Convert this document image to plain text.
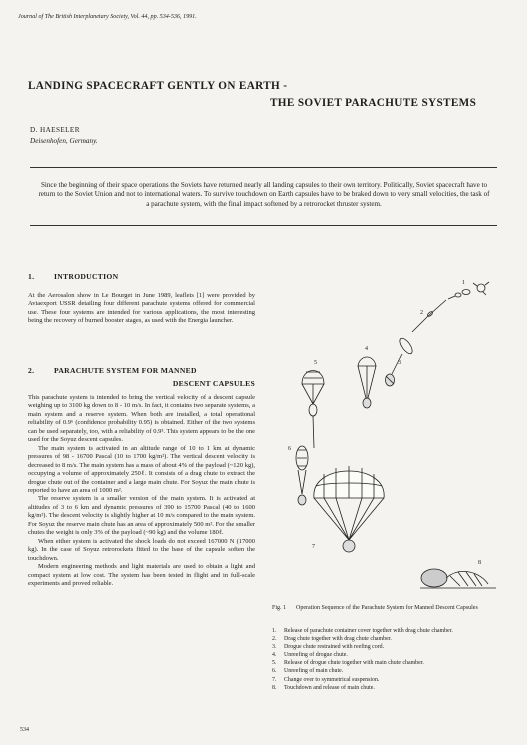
Journal of The British Interplanetary Society, Vol. 44, pp. 534-536, 1991.
LANDING SPACECRAFT GENTLY ON EARTH -
THE SOVIET PARACHUTE SYSTEMS
D. HAESELER
Deisenhofen, Germany.
Since the beginning of their space operations the Soviets have returned nearly all landing capsules to their own territory. Politically, Soviet spacecraft have to return to the Soviet Union and not to international waters. To survive touchdown on Earth capsules have to be braked down to very small velocities, the task of a parachute system, with the final impact softened by a retrorocket thruster system.
1.	INTRODUCTION

At the Aerosalon show in Le Bourget in June 1989, leaflets [1] were provided by Aviaexport USSR detailing four different parachute systems offered for commercial use. These four systems are intended for various applications, the most interesting being the recovery of burned booster stages, as used with the Energia launcher.

2.	PARACHUTE SYSTEM FOR MANNED
DESCENT CAPSULES

This parachute system is intended to bring the vertical velocity of a descent capsule weighing up to 3100 kg down to 8 - 10 m/s. In fact, it contains two separate systems, a main system and a reserve system. When both are installed, a total operational reliability of 0.9⁶ (confidence probability 0.95) is obtained. Either of the two systems can be used separately, too, with a reliability of 0.9³. This system appears to be the one used for the Soyuz descent capsules.

The main system is activated in an altitude range of 10 to 1 km at dynamic pressures of 98 - 16700 Pascal (10 to 1700 kg/m²). The vertical descent velocity is decreased to 8 m/s. The main system has a mass of about 4% of the payload (~120 kg), occupying a volume of approximately 250ℓ. It consists of a drag chute to extract the drogue chute out of the container and a large main chute. For Soyuz the main chute is reported to have an area of 1000 m².

The reserve system is a smaller version of the main system. It is activated at altitudes of 3 to 6 km and dynamic pressures of 390 to 15700 Pascal (40 to 1600 kg/m²). The descent velocity is slightly higher at 10 m/s compared to the main system. For Soyuz the reserve main chute has an area of approximately 500 m². For the smaller chutes the weight is only 3% of the payload (~90 kg) and the volume 180ℓ.

When either system is activated the shock loads do not exceed 167000 N (17000 kg). In the case of Soyuz retrorockets fitted to the base of the capsule soften the touchdown.

Modern engineering methods and light materials are used to obtain a light and compact system at low cost. The system has been tested in flight and in full-scale experiments and proved reliable.

1
2
3
4
5
6
7
8
Fig. 1 Operation Sequence of the Parachute System for Manned Descent Capsules
1. Release of parachute container cover together with drag chute chamber.
2. Drag chute together with drag chute chamber.
3. Drogue chute restrained with reefing cord.
4. Unreefing of drogue chute.
5. Release of drogue chute together with main chute chamber.
6. Unreefing of main chute.
7. Change over to symmetrical suspension.
8. Touchdown and release of main chute.
534
